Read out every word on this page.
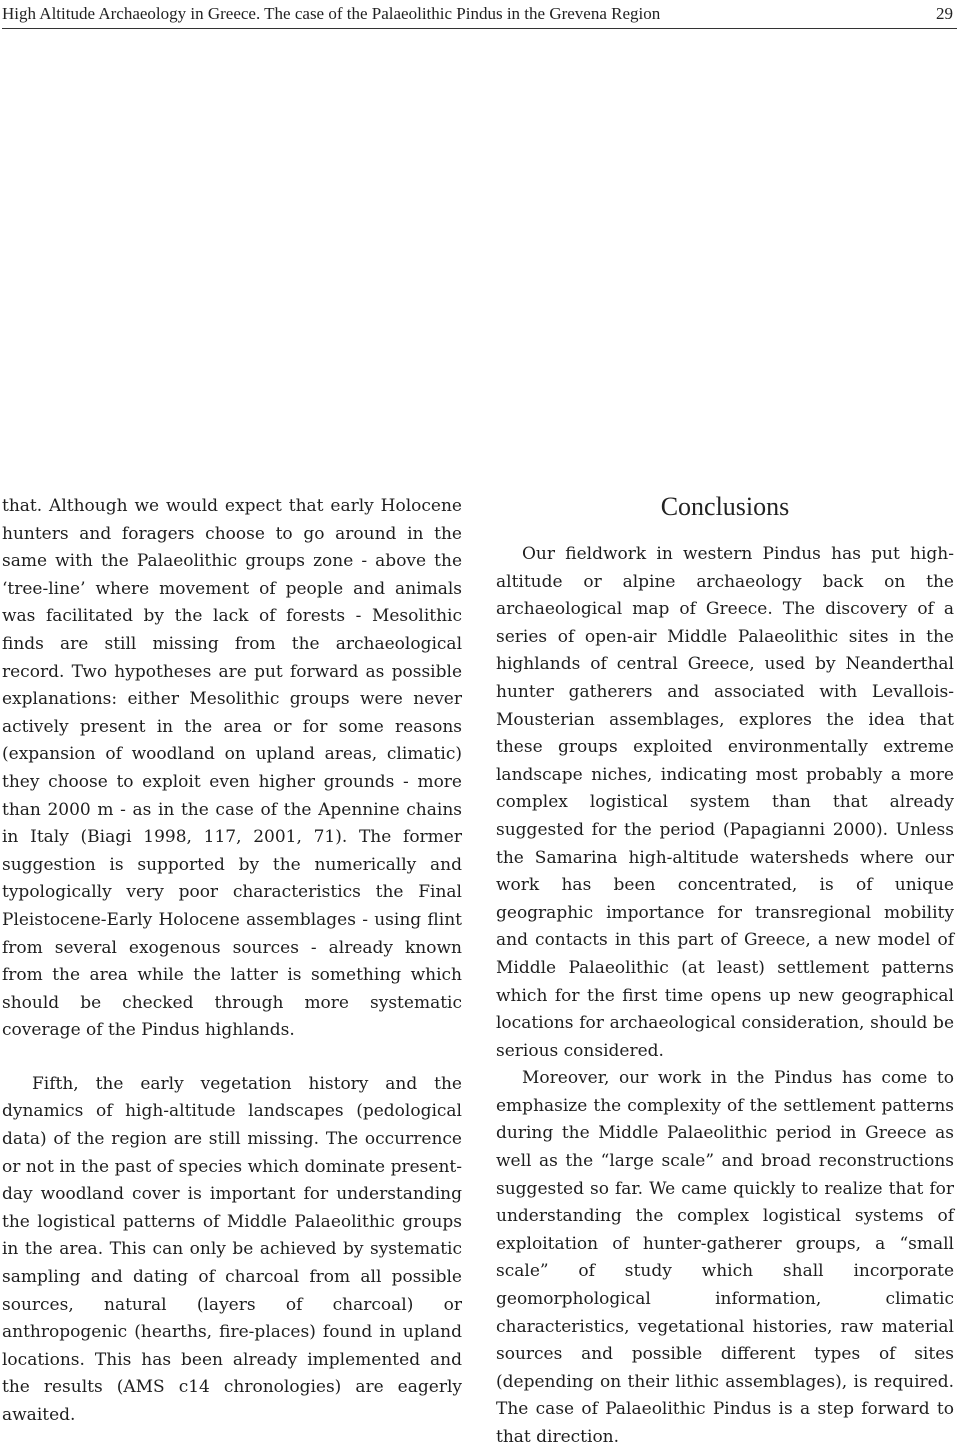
High Altitude Archaeology in Greece. The case of the Palaeolithic Pindus in the Grevena Region	29

that. Although we would expect that early Holocene hunters and foragers choose to go around in the same with the Palaeolithic groups zone - above the ‘tree-line’ where movement of people and animals was facilitated by the lack of forests - Mesolithic finds are still missing from the archaeological record. Two hypotheses are put forward as possible explanations: either Mesolithic groups were never actively present in the area or for some reasons (expansion of woodland on upland areas, climatic) they choose to exploit even higher grounds - more than 2000 m - as in the case of the Apennine chains in Italy (Biagi 1998, 117, 2001, 71). The former suggestion is supported by the numerically and typologically very poor characteristics the Final Pleistocene-Early Holocene assemblages - using flint from several exogenous sources - already known from the area while the latter is something which should be checked through more systematic coverage of the Pindus highlands.

Fifth, the early vegetation history and the dynamics of high-altitude landscapes (pedological data) of the region are still missing. The occurrence or not in the past of species which dominate present-day woodland cover is important for understanding the logistical patterns of Middle Palaeolithic groups in the area. This can only be achieved by systematic sampling and dating of charcoal from all possible sources, natural (layers of charcoal) or anthropogenic (hearths, fire-places) found in upland locations. This has been already implemented and the results (AMS c14 chronologies) are eagerly awaited.

Conclusions

Our fieldwork in western Pindus has put high-altitude or alpine archaeology back on the archaeological map of Greece. The discovery of a series of open-air Middle Palaeolithic sites in the highlands of central Greece, used by Neanderthal hunter gatherers and associated with Levallois-Mousterian assemblages, explores the idea that these groups exploited environmentally extreme landscape niches, indicating most probably a more complex logistical system than that already suggested for the period (Papagianni 2000). Unless the Samarina high-altitude watersheds where our work has been concentrated, is of unique geographic importance for transregional mobility and contacts in this part of Greece, a new model of Middle Palaeolithic (at least) settlement patterns which for the first time opens up new geographical locations for archaeological consideration, should be serious considered.

Moreover, our work in the Pindus has come to emphasize the complexity of the settlement patterns during the Middle Palaeolithic period in Greece as well as the “large scale” and broad reconstructions suggested so far. We came quickly to realize that for understanding the complex logistical systems of exploitation of hunter-gatherer groups, a “small scale” of study which shall incorporate geomorphological information, climatic characteristics, vegetational histories, raw material sources and possible different types of sites (depending on their lithic assemblages), is required. The case of Palaeolithic Pindus is a step forward to that direction.
